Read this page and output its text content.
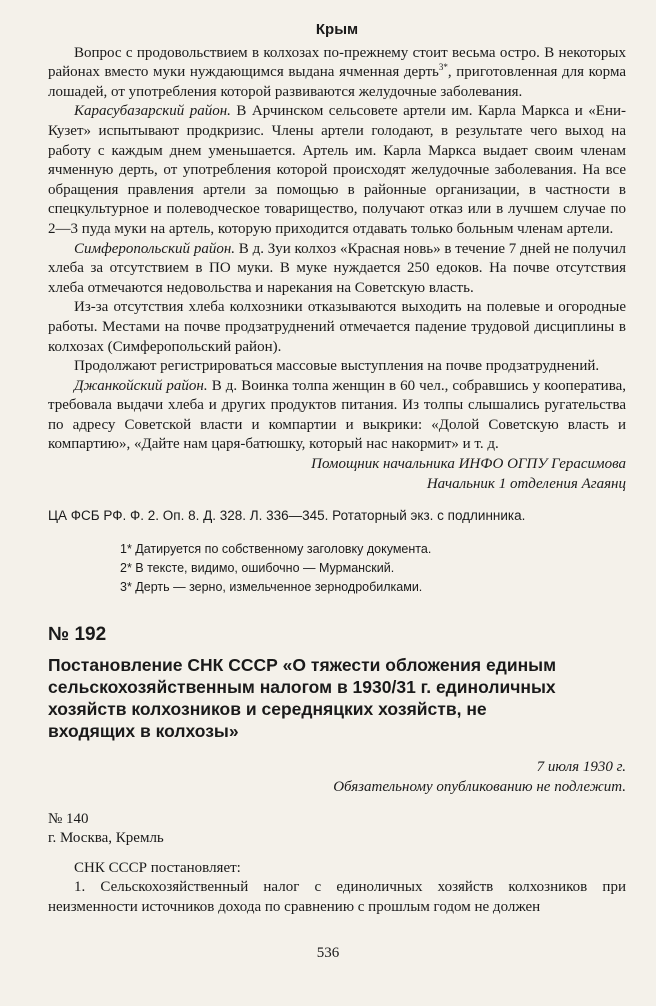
Крым

Вопрос с продовольствием в колхозах по-прежнему стоит весьма остро. В некоторых районах вместо муки нуждающимся выдана ячменная дерть$^{3*}$, приготовленная для корма лошадей, от употребления которой развиваются желудочные заболевания.

Карасубазарский район. В Арчинском сельсовете артели им. Карла Маркса и «Ени-Кузет» испытывают продкризис. Члены артели голодают, в результате чего выход на работу с каждым днем уменьшается. Артель им. Карла Маркса выдает своим членам ячменную дерть, от употребления которой происходят желудочные заболевания. На все обращения правления артели за помощью в районные организации, в частности в спецкультурное и полеводческое товарищество, получают отказ или в лучшем случае по 2—3 пуда муки на артель, которую приходится отдавать только больным членам артели.

Симферопольский район. В д. Зуи колхоз «Красная новь» в течение 7 дней не получил хлеба за отсутствием в ПО муки. В муке нуждается 250 едоков. На почве отсутствия хлеба отмечаются недовольства и нарекания на Советскую власть.

Из-за отсутствия хлеба колхозники отказываются выходить на полевые и огородные работы. Местами на почве продзатруднений отмечается падение трудовой дисциплины в колхозах (Симферопольский район).

Продолжают регистрироваться массовые выступления на почве продзатруднений.

Джанкойский район. В д. Воинка толпа женщин в 60 чел., собравшись у кооператива, требовала выдачи хлеба и других продуктов питания. Из толпы слышались ругательства по адресу Советской власти и компартии и выкрики: «Долой Советскую власть и компартию», «Дайте нам царя-батюшку, который нас накормит» и т. д.

Помощник начальника ИНФО ОГПУ Герасимова
Начальник 1 отделения Агаянц
ЦА ФСБ РФ. Ф. 2. Оп. 8. Д. 328. Л. 336—345. Ротаторный экз. с подлинника.
1* Датируется по собственному заголовку документа.
2* В тексте, видимо, ошибочно — Мурманский.
3* Дерть — зерно, измельченное зернодробилками.
№ 192
Постановление СНК СССР «О тяжести обложения единым сельскохозяйственным налогом в 1930/31 г. единоличных хозяйств колхозников и середняцких хозяйств, не входящих в колхозы»
7 июля 1930 г.
Обязательному опубликованию не подлежит.
№ 140
г. Москва, Кремль

СНК СССР постановляет:

1. Сельскохозяйственный налог с единоличных хозяйств колхозников при неизменности источников дохода по сравнению с прошлым годом не должен

536
